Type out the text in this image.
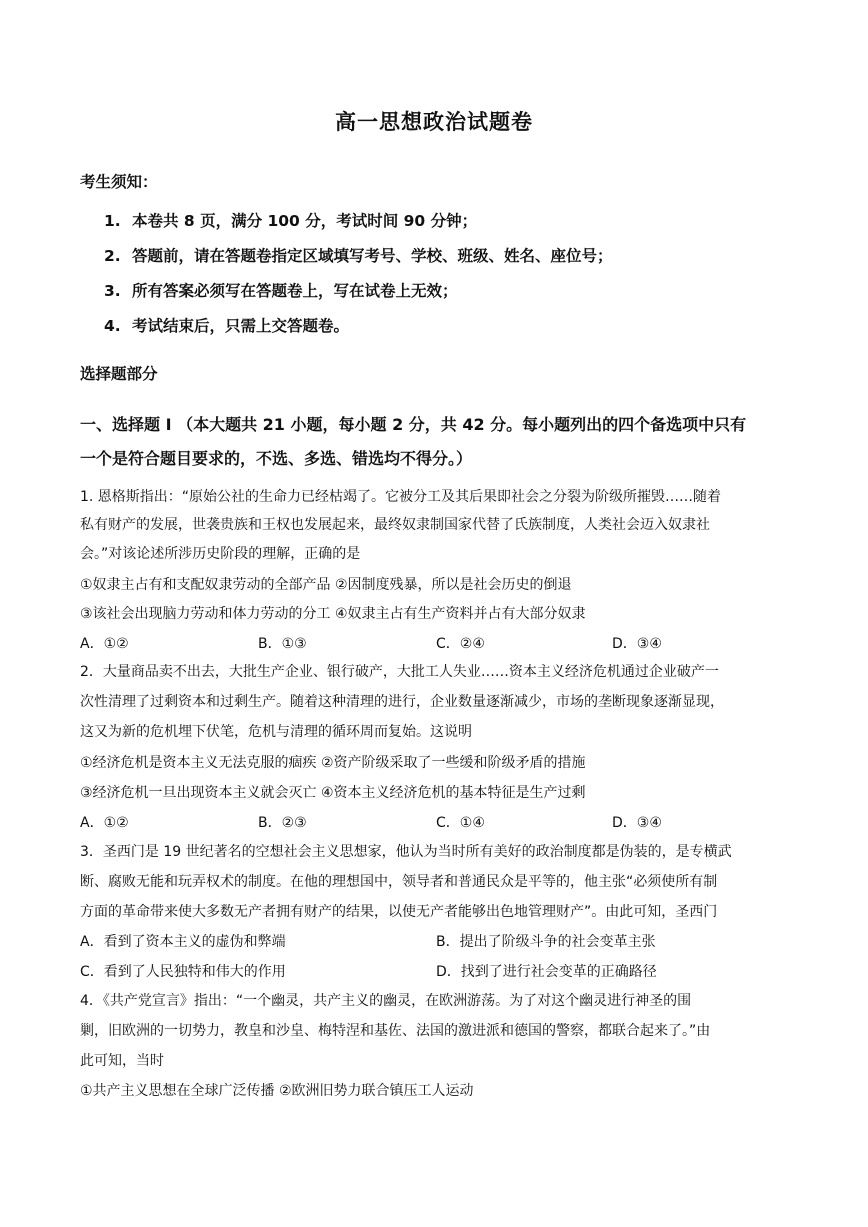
高一思想政治试题卷
考生须知：
1. 本卷共 8 页，满分 100 分，考试时间 90 分钟；
2. 答题前，请在答题卷指定区域填写考号、学校、班级、姓名、座位号；
3. 所有答案必须写在答题卷上，写在试卷上无效；
4. 考试结束后，只需上交答题卷。
选择题部分
一、选择题 I （本大题共 21 小题，每小题 2 分，共 42 分。每小题列出的四个备选项中只有
一个是符合题目要求的，不选、多选、错选均不得分。）
1. 恩格斯指出：“原始公社的生命力已经枯竭了。它被分工及其后果即社会之分裂为阶级所摧毁……随着
私有财产的发展，世袭贵族和王权也发展起来，最终奴隶制国家代替了氏族制度，人类社会迈入奴隶社
会。”对该论述所涉历史阶段的理解，正确的是
①奴隶主占有和支配奴隶劳动的全部产品 ②因制度残暴，所以是社会历史的倒退
③该社会出现脑力劳动和体力劳动的分工 ④奴隶主占有生产资料并占有大部分奴隶
A．①②	B．①③	C．②④	D．③④
2．大量商品卖不出去，大批生产企业、银行破产，大批工人失业……资本主义经济危机通过企业破产一
次性清理了过剩资本和过剩生产。随着这种清理的进行，企业数量逐渐减少，市场的垄断现象逐渐显现，
这又为新的危机埋下伏笔，危机与清理的循环周而复始。这说明
①经济危机是资本主义无法克服的痼疾 ②资产阶级采取了一些缓和阶级矛盾的措施
③经济危机一旦出现资本主义就会灭亡 ④资本主义经济危机的基本特征是生产过剩
A．①②	B．②③	C．①④	D．③④
3．圣西门是 19 世纪著名的空想社会主义思想家，他认为当时所有美好的政治制度都是伪装的，是专横武
断、腐败无能和玩弄权术的制度。在他的理想国中，领导者和普通民众是平等的，他主张“必须使所有制
方面的革命带来使大多数无产者拥有财产的结果，以使无产者能够出色地管理财产”。由此可知，圣西门
A．看到了资本主义的虚伪和弊端	B．提出了阶级斗争的社会变革主张
C．看到了人民独特和伟大的作用	D．找到了进行社会变革的正确路径
4．《共产党宣言》指出：“一个幽灵，共产主义的幽灵，在欧洲游荡。为了对这个幽灵进行神圣的围
剿，旧欧洲的一切势力，教皇和沙皇、梅特涅和基佐、法国的激进派和德国的警察，都联合起来了。”由
此可知，当时
①共产主义思想在全球广泛传播 ②欧洲旧势力联合镇压工人运动
